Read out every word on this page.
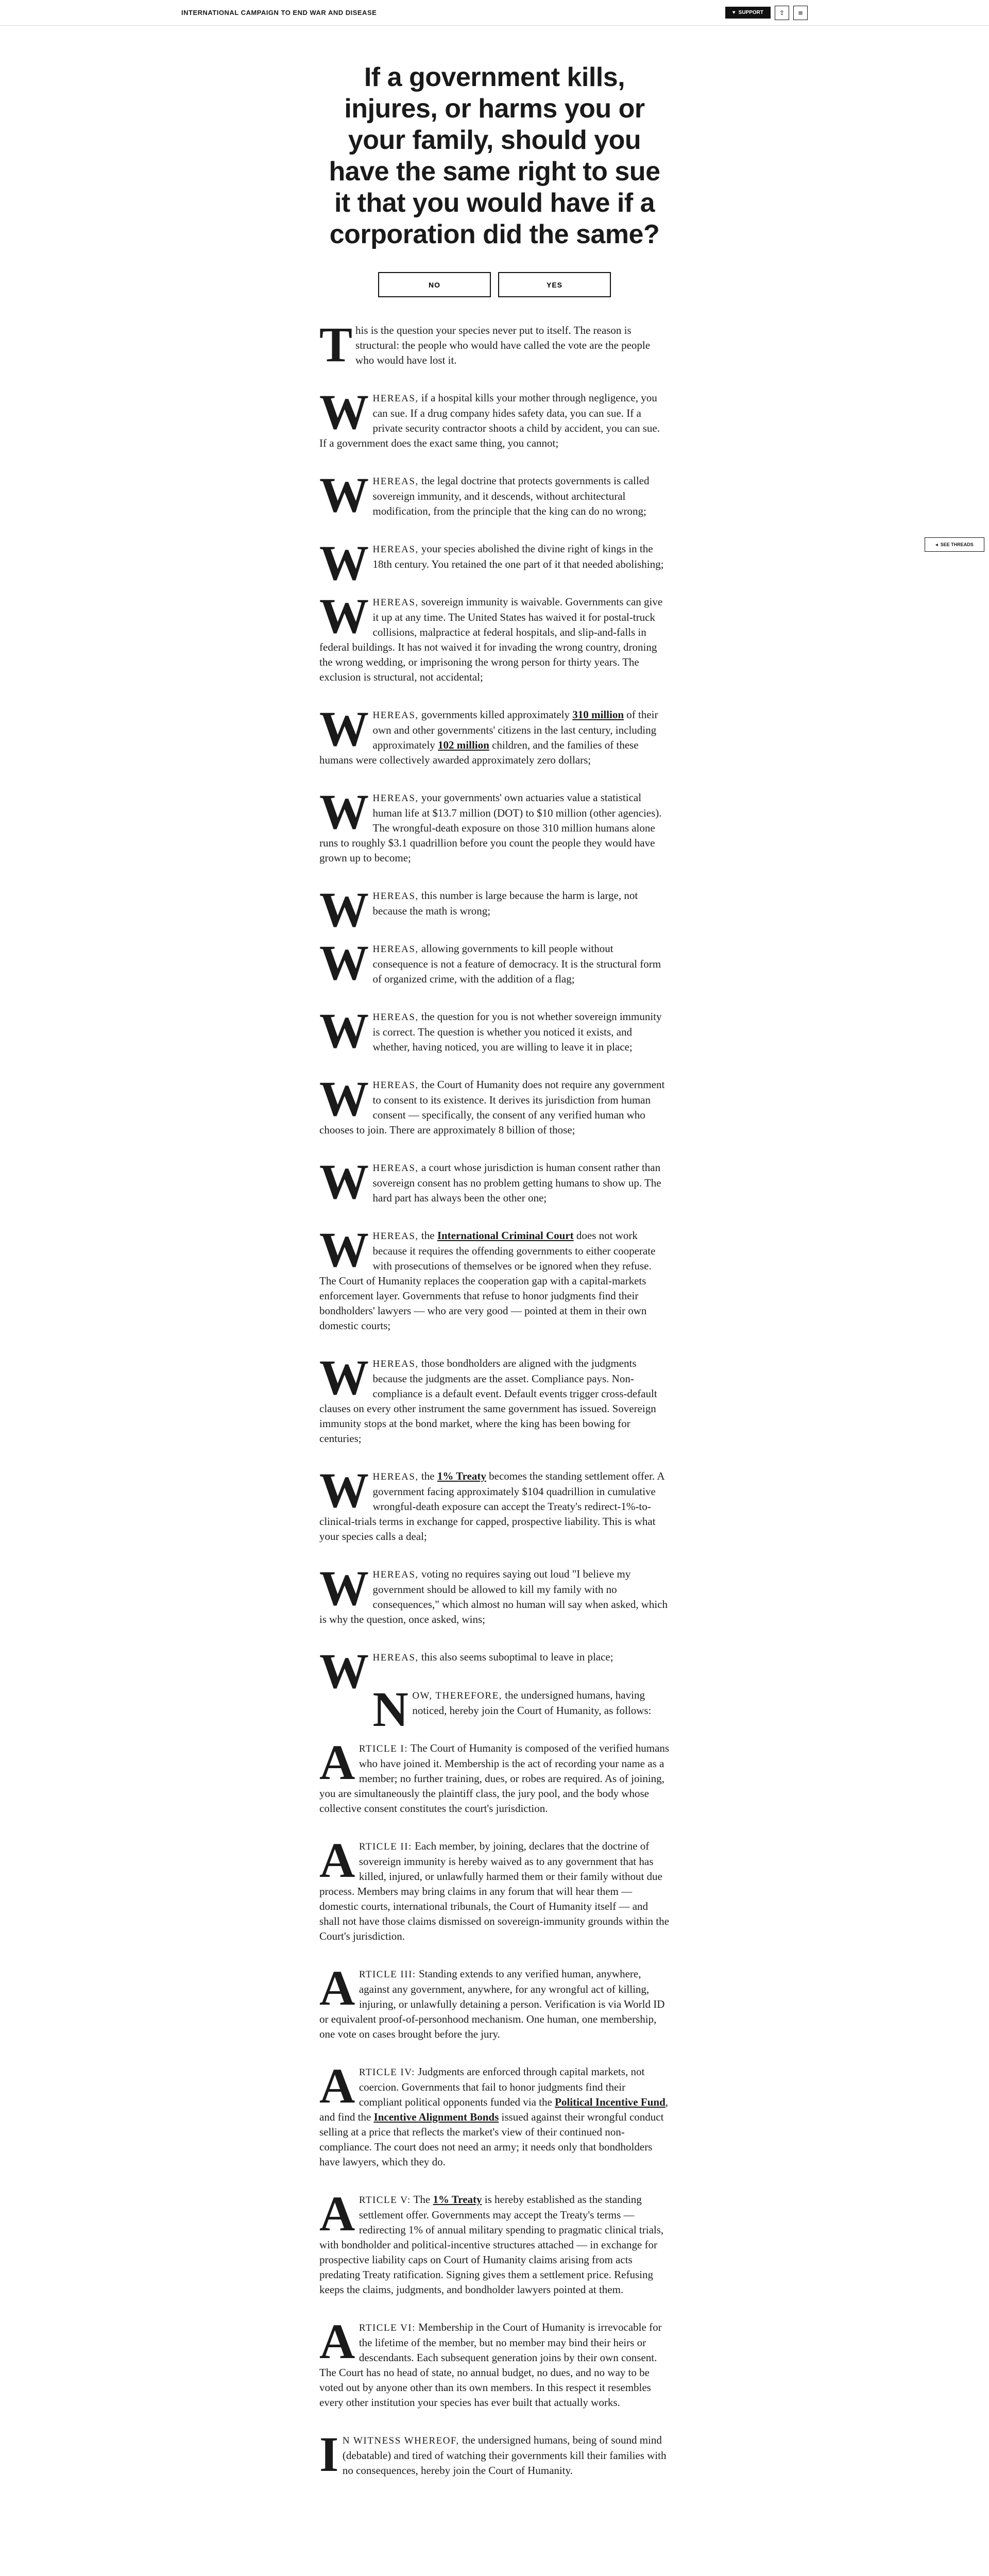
INTERNATIONAL CAMPAIGN TO END WAR AND DISEASE	♥ SUPPORT	⇪	≡
◂ SEE THREADS
If a government kills, injures, or harms you or your family, should you have the same right to sue it that you would have if a corporation did the same?
NO	YES

This is the question your species never put to itself. The reason is structural: the people who would have called the vote are the people who would have lost it.

WHEREAS, if a hospital kills your mother through negligence, you can sue. If a drug company hides safety data, you can sue. If a private security contractor shoots a child by accident, you can sue. If a government does the exact same thing, you cannot;

WHEREAS, the legal doctrine that protects governments is called sovereign immunity, and it descends, without architectural modification, from the principle that the king can do no wrong;

WHEREAS, your species abolished the divine right of kings in the 18th century. You retained the one part of it that needed abolishing;

WHEREAS, sovereign immunity is waivable. Governments can give it up at any time. The United States has waived it for postal-truck collisions, malpractice at federal hospitals, and slip-and-falls in federal buildings. It has not waived it for invading the wrong country, droning the wrong wedding, or imprisoning the wrong person for thirty years. The exclusion is structural, not accidental;

WHEREAS, governments killed approximately 310 million of their own and other governments' citizens in the last century, including approximately 102 million children, and the families of these humans were collectively awarded approximately zero dollars;

WHEREAS, your governments' own actuaries value a statistical human life at $13.7 million (DOT) to $10 million (other agencies). The wrongful-death exposure on those 310 million humans alone runs to roughly $3.1 quadrillion before you count the people they would have grown up to become;

WHEREAS, this number is large because the harm is large, not because the math is wrong;

WHEREAS, allowing governments to kill people without consequence is not a feature of democracy. It is the structural form of organized crime, with the addition of a flag;

WHEREAS, the question for you is not whether sovereign immunity is correct. The question is whether you noticed it exists, and whether, having noticed, you are willing to leave it in place;

WHEREAS, the Court of Humanity does not require any government to consent to its existence. It derives its jurisdiction from human consent — specifically, the consent of any verified human who chooses to join. There are approximately 8 billion of those;

WHEREAS, a court whose jurisdiction is human consent rather than sovereign consent has no problem getting humans to show up. The hard part has always been the other one;

WHEREAS, the International Criminal Court does not work because it requires the offending governments to either cooperate with prosecutions of themselves or be ignored when they refuse. The Court of Humanity replaces the cooperation gap with a capital-markets enforcement layer. Governments that refuse to honor judgments find their bondholders' lawyers — who are very good — pointed at them in their own domestic courts;

WHEREAS, those bondholders are aligned with the judgments because the judgments are the asset. Compliance pays. Non-compliance is a default event. Default events trigger cross-default clauses on every other instrument the same government has issued. Sovereign immunity stops at the bond market, where the king has been bowing for centuries;

WHEREAS, the 1% Treaty becomes the standing settlement offer. A government facing approximately $104 quadrillion in cumulative wrongful-death exposure can accept the Treaty's redirect-1%-to-clinical-trials terms in exchange for capped, prospective liability. This is what your species calls a deal;

WHEREAS, voting no requires saying out loud "I believe my government should be allowed to kill my family with no consequences," which almost no human will say when asked, which is why the question, once asked, wins;

WHEREAS, this also seems suboptimal to leave in place;

NOW, THEREFORE, the undersigned humans, having noticed, hereby join the Court of Humanity, as follows:

ARTICLE I: The Court of Humanity is composed of the verified humans who have joined it. Membership is the act of recording your name as a member; no further training, dues, or robes are required. As of joining, you are simultaneously the plaintiff class, the jury pool, and the body whose collective consent constitutes the court's jurisdiction.

ARTICLE II: Each member, by joining, declares that the doctrine of sovereign immunity is hereby waived as to any government that has killed, injured, or unlawfully harmed them or their family without due process. Members may bring claims in any forum that will hear them — domestic courts, international tribunals, the Court of Humanity itself — and shall not have those claims dismissed on sovereign-immunity grounds within the Court's jurisdiction.

ARTICLE III: Standing extends to any verified human, anywhere, against any government, anywhere, for any wrongful act of killing, injuring, or unlawfully detaining a person. Verification is via World ID or equivalent proof-of-personhood mechanism. One human, one membership, one vote on cases brought before the jury.

ARTICLE IV: Judgments are enforced through capital markets, not coercion. Governments that fail to honor judgments find their compliant political opponents funded via the Political Incentive Fund, and find the Incentive Alignment Bonds issued against their wrongful conduct selling at a price that reflects the market's view of their continued non-compliance. The court does not need an army; it needs only that bondholders have lawyers, which they do.

ARTICLE V: The 1% Treaty is hereby established as the standing settlement offer. Governments may accept the Treaty's terms — redirecting 1% of annual military spending to pragmatic clinical trials, with bondholder and political-incentive structures attached — in exchange for prospective liability caps on Court of Humanity claims arising from acts predating Treaty ratification. Signing gives them a settlement price. Refusing keeps the claims, judgments, and bondholder lawyers pointed at them.

ARTICLE VI: Membership in the Court of Humanity is irrevocable for the lifetime of the member, but no member may bind their heirs or descendants. Each subsequent generation joins by their own consent. The Court has no head of state, no annual budget, no dues, and no way to be voted out by anyone other than its own members. In this respect it resembles every other institution your species has ever built that actually works.

IN WITNESS WHEREOF, the undersigned humans, being of sound mind (debatable) and tired of watching their governments kill their families with no consequences, hereby join the Court of Humanity.
